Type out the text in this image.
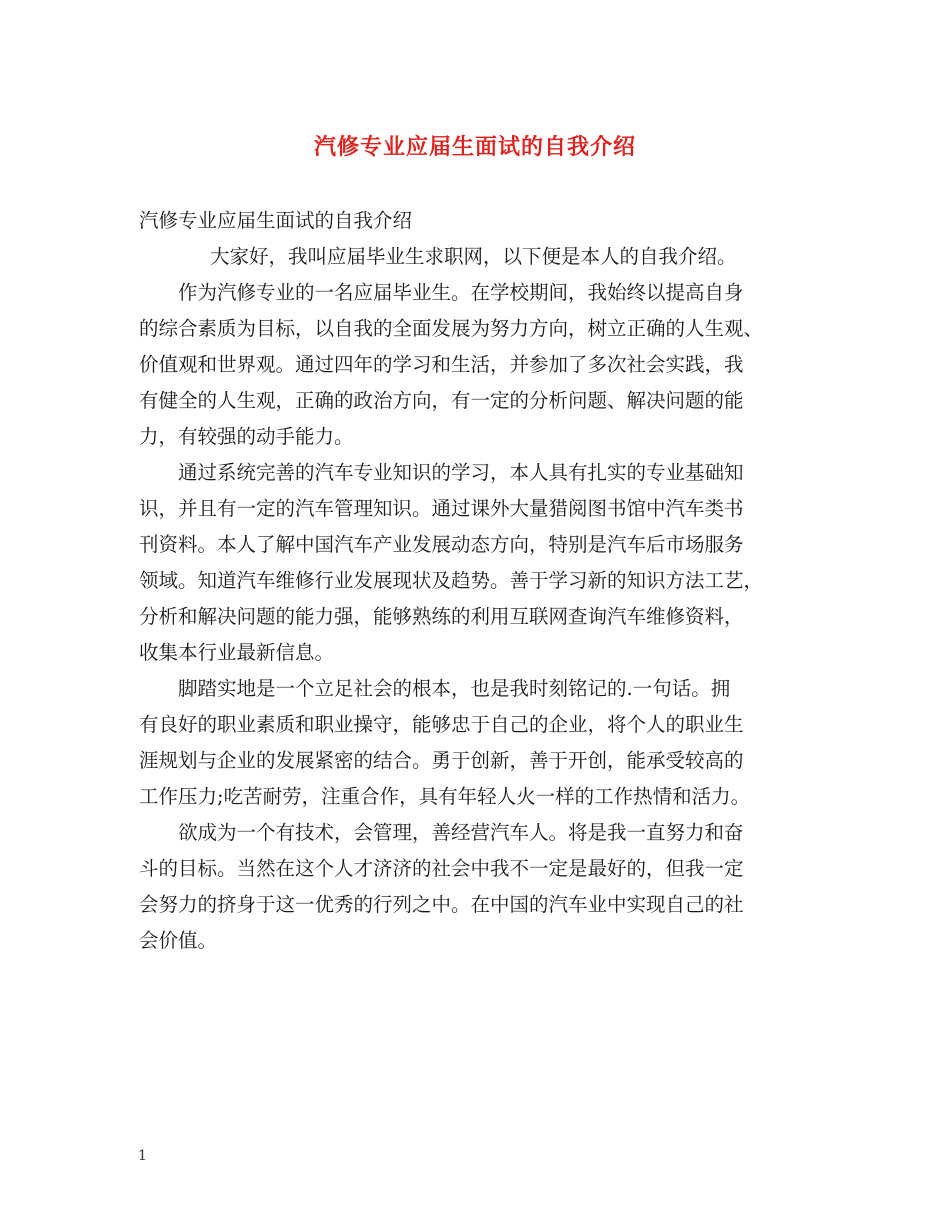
汽修专业应届生面试的自我介绍

汽修专业应届生面试的自我介绍

大家好，我叫应届毕业生求职网，以下便是本人的自我介绍。

　　作为汽修专业的一名应届毕业生。在学校期间，我始终以提高自身

的综合素质为目标，以自我的全面发展为努力方向，树立正确的人生观、

价值观和世界观。通过四年的学习和生活，并参加了多次社会实践，我

有健全的人生观，正确的政治方向，有一定的分析问题、解决问题的能

力，有较强的动手能力。

　　通过系统完善的汽车专业知识的学习，本人具有扎实的专业基础知

识，并且有一定的汽车管理知识。通过课外大量猎阅图书馆中汽车类书

刊资料。本人了解中国汽车产业发展动态方向，特别是汽车后市场服务

领域。知道汽车维修行业发展现状及趋势。善于学习新的知识方法工艺，

分析和解决问题的能力强，能够熟练的利用互联网查询汽车维修资料，

收集本行业最新信息。

　　脚踏实地是一个立足社会的根本，也是我时刻铭记的.一句话。拥

有良好的职业素质和职业操守，能够忠于自己的企业，将个人的职业生

涯规划与企业的发展紧密的结合。勇于创新，善于开创，能承受较高的

工作压力;吃苦耐劳，注重合作，具有年轻人火一样的工作热情和活力。

　　欲成为一个有技术，会管理，善经营汽车人。将是我一直努力和奋

斗的目标。当然在这个人才济济的社会中我不一定是最好的，但我一定

会努力的挤身于这一优秀的行列之中。在中国的汽车业中实现自己的社

会价值。

1
